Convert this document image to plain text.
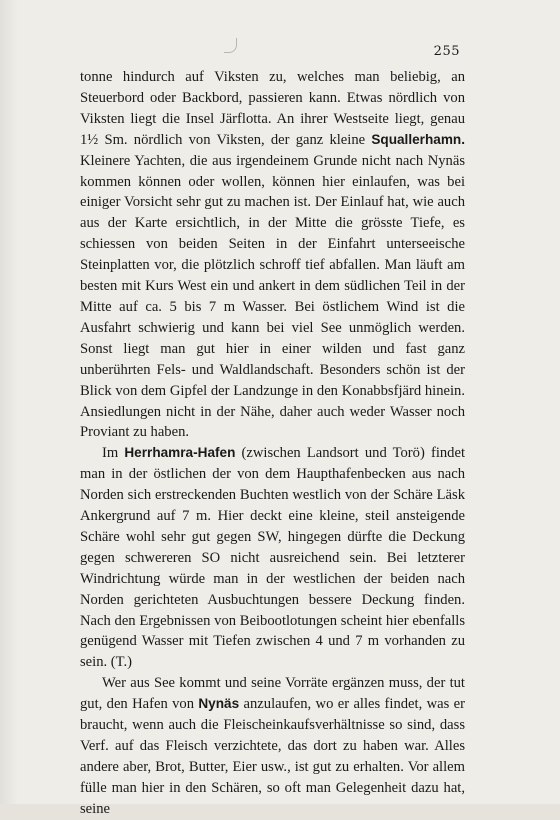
255

tonne hindurch auf Viksten zu, welches man beliebig, an Steuerbord oder Backbord, passieren kann. Etwas nördlich von Viksten liegt die Insel Järflotta. An ihrer Westseite liegt, genau 1½ Sm. nördlich von Viksten, der ganz kleine Squallerhamn. Kleinere Yachten, die aus irgendeinem Grunde nicht nach Nynäs kommen können oder wollen, können hier einlaufen, was bei einiger Vorsicht sehr gut zu machen ist. Der Einlauf hat, wie auch aus der Karte ersichtlich, in der Mitte die grösste Tiefe, es schiessen von beiden Seiten in der Einfahrt unterseeische Steinplatten vor, die plötzlich schroff tief abfallen. Man läuft am besten mit Kurs West ein und ankert in dem südlichen Teil in der Mitte auf ca. 5 bis 7 m Wasser. Bei östlichem Wind ist die Ausfahrt schwierig und kann bei viel See unmöglich werden. Sonst liegt man gut hier in einer wilden und fast ganz unberührten Fels- und Waldlandschaft. Besonders schön ist der Blick von dem Gipfel der Landzunge in den Konabbsfjärd hinein. Ansiedlungen nicht in der Nähe, daher auch weder Wasser noch Proviant zu haben.

Im Herrhamra-Hafen (zwischen Landsort und Torö) findet man in der östlichen der von dem Haupthafenbecken aus nach Norden sich erstreckenden Buchten westlich von der Schäre Läsk Ankergrund auf 7 m. Hier deckt eine kleine, steil ansteigende Schäre wohl sehr gut gegen SW, hingegen dürfte die Deckung gegen schwereren SO nicht ausreichend sein. Bei letzterer Windrichtung würde man in der westlichen der beiden nach Norden gerichteten Ausbuchtungen bessere Deckung finden. Nach den Ergebnissen von Beibootlotungen scheint hier ebenfalls genügend Wasser mit Tiefen zwischen 4 und 7 m vorhanden zu sein. (T.)

Wer aus See kommt und seine Vorräte ergänzen muss, der tut gut, den Hafen von Nynäs anzulaufen, wo er alles findet, was er braucht, wenn auch die Fleischeinkaufsverhältnisse so sind, dass Verf. auf das Fleisch verzichtete, das dort zu haben war. Alles andere aber, Brot, Butter, Eier usw., ist gut zu erhalten. Vor allem fülle man hier in den Schären, so oft man Gelegenheit dazu hat, seine
